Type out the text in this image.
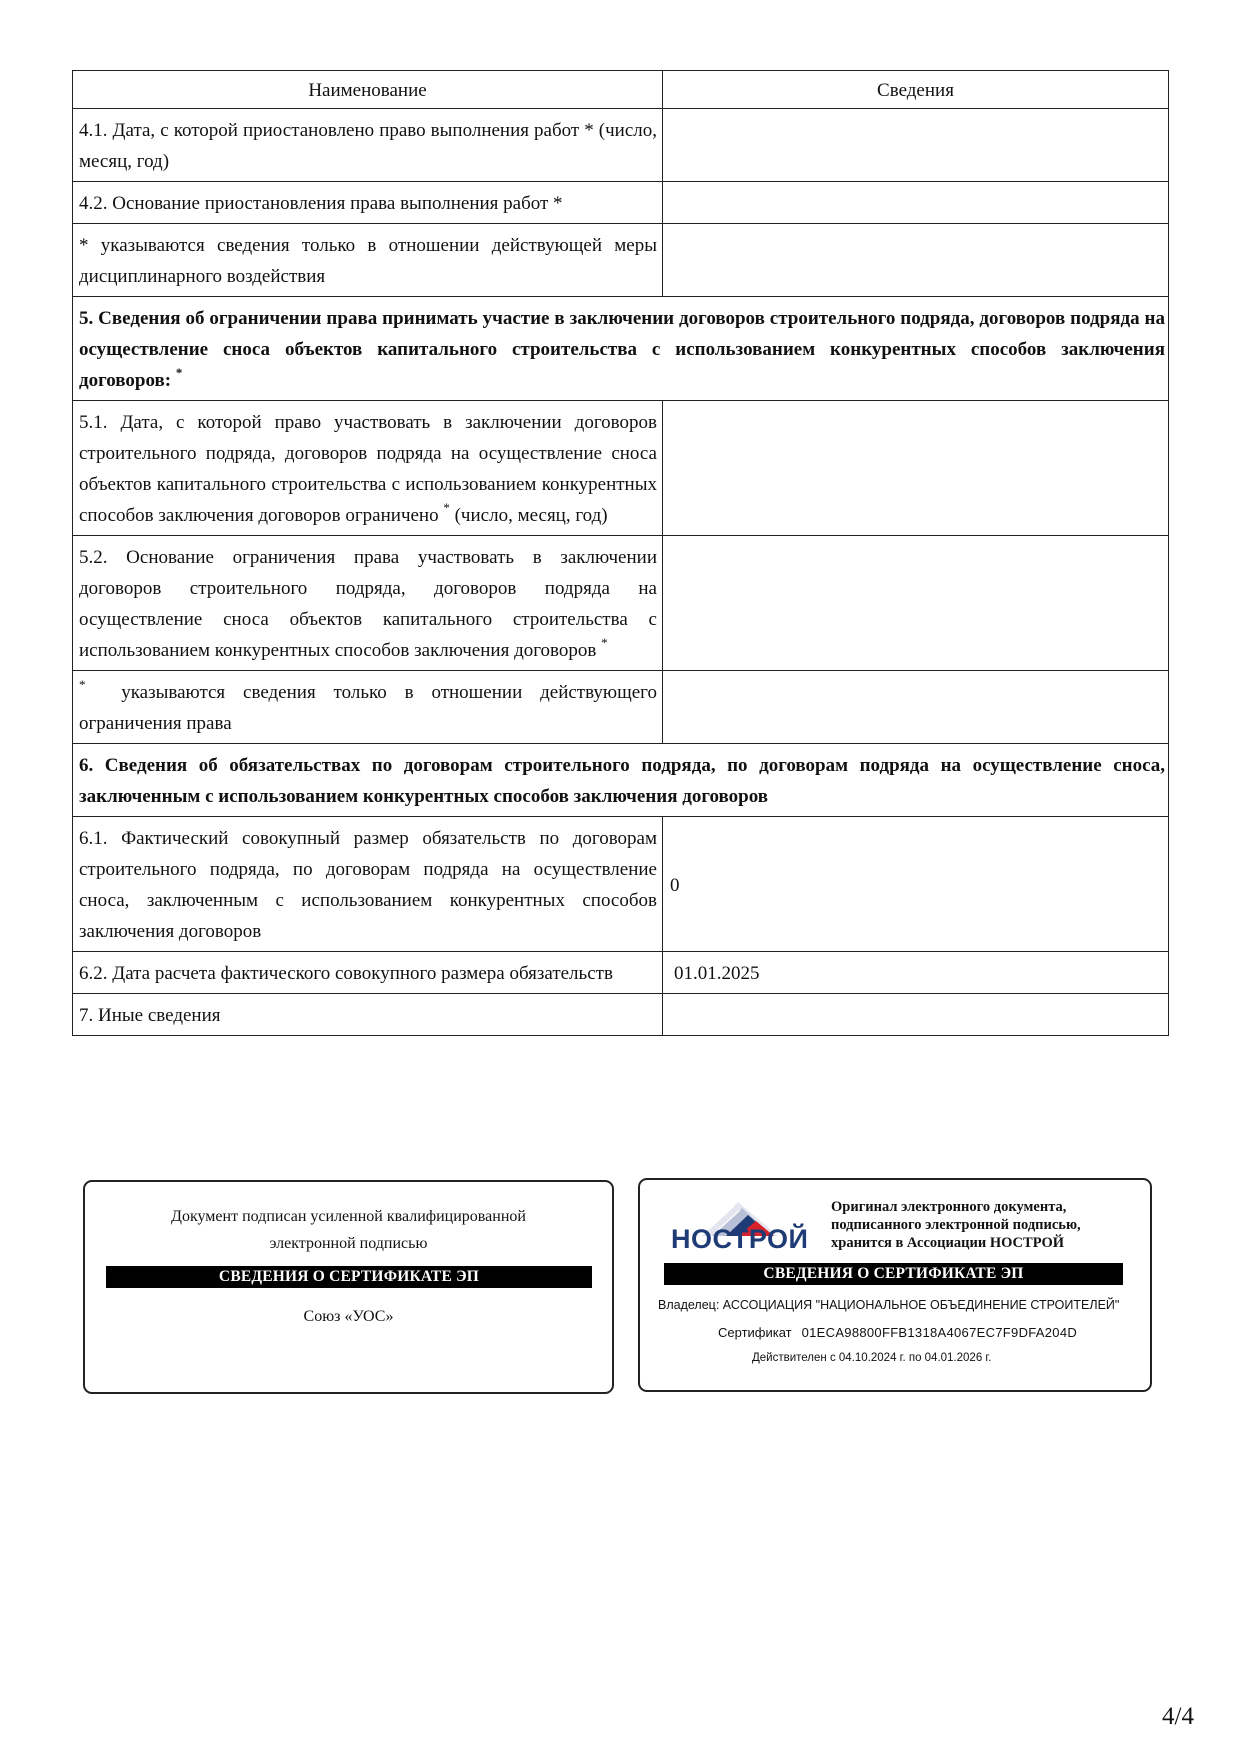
Наименование	Сведения
4.1. Дата, с которой приостановлено право выполнения работ * (число, месяц, год)	
4.2. Основание приостановления права выполнения работ *	
* указываются сведения только в отношении действующей меры дисциплинарного воздействия	
5. Сведения об ограничении права принимать участие в заключении договоров строительного подряда, договоров подряда на осуществление сноса объектов капитального строительства с использованием конкурентных способов заключения договоров: *
5.1. Дата, с которой право участвовать в заключении договоров строительного подряда, договоров подряда на осуществление сноса объектов капитального строительства с использованием конкурентных способов заключения договоров ограничено * (число, месяц, год)	
5.2. Основание ограничения права участвовать в заключении договоров строительного подряда, договоров подряда на осуществление сноса объектов капитального строительства с использованием конкурентных способов заключения договоров *	
* указываются сведения только в отношении действующего ограничения права	
6. Сведения об обязательствах по договорам строительного подряда, по договорам подряда на осуществление сноса, заключенным с использованием конкурентных способов заключения договоров	
6.1. Фактический совокупный размер обязательств по договорам строительного подряда, по договорам подряда на осуществление сноса, заключенным с использованием конкурентных способов заключения договоров	0
6.2. Дата расчета фактического совокупного размера обязательств	01.01.2025
7. Иные сведения	
Документ подписан усиленной квалифицированной
электронной подписью
СВЕДЕНИЯ О СЕРТИФИКАТЕ ЭП
Союз «УОС»
НОСТРОЙ
Оригинал электронного документа,
подписанного электронной подписью,
хранится в Ассоциации НОСТРОЙ
СВЕДЕНИЯ О СЕРТИФИКАТЕ ЭП
Владелец: АССОЦИАЦИЯ "НАЦИОНАЛЬНОЕ ОБЪЕДИНЕНИЕ СТРОИТЕЛЕЙ"
Сертификат 01ECA98800FFB1318A4067EC7F9DFA204D
Действителен с 04.10.2024 г. по 04.01.2026 г.
4/4
